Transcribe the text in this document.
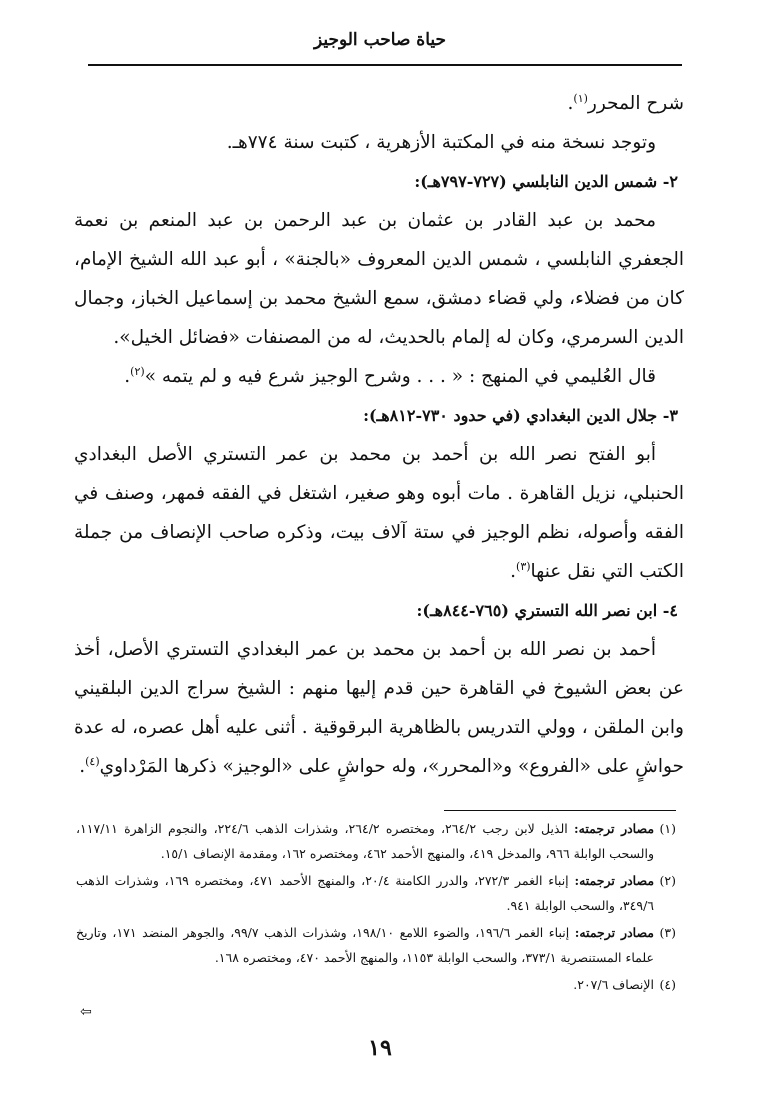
حياة صاحب الوجيز

شرح المحرر$^{(١)}$.

وتوجد نسخة منه في المكتبة الأزهرية ، كتبت سنة ٧٧٤هـ.

٢- شمس الدين النابلسي (٧٢٧-٧٩٧هـ):

محمد بن عبد القادر بن عثمان بن عبد الرحمن بن عبد المنعم بن نعمة الجعفري النابلسي ، شمس الدين المعروف «بالجنة» ، أبو عبد الله الشيخ الإمام، كان من فضلاء، ولي قضاء دمشق، سمع الشيخ محمد بن إسماعيل الخباز، وجمال الدين السرمري، وكان له إلمام بالحديث، له من المصنفات «فضائل الخيل».

قال العُليمي في المنهج : « . . . وشرح الوجيز شرع فيه و لم يتمه »$^{(٢)}$.

٣- جلال الدين البغدادي (في حدود ٧٣٠-٨١٢هـ):

أبو الفتح نصر الله بن أحمد بن محمد بن عمر التستري الأصل البغدادي الحنبلي، نزيل القاهرة . مات أبوه وهو صغير، اشتغل في الفقه فمهر، وصنف في الفقه وأصوله، نظم الوجيز في ستة آلاف بيت، وذكره صاحب الإنصاف من جملة الكتب التي نقل عنها$^{(٣)}$.

٤- ابن نصر الله التستري (٧٦٥-٨٤٤هـ):

أحمد بن نصر الله بن أحمد بن محمد بن عمر البغدادي التستري الأصل، أخذ عن بعض الشيوخ في القاهرة حين قدم إليها منهم : الشيخ سراج الدين البلقيني وابن الملقن ، وولي التدريس بالظاهرية البرقوقية . أثنى عليه أهل عصره، له عدة حواشٍ على «الفروع» و«المحرر»، وله حواشٍ على «الوجيز» ذكرها المَرْداوي$^{(٤)}$.

(١)
مصادر ترجمته: الذيل لابن رجب ٢٦٤/٢، ومختصره ٢٦٤/٢، وشذرات الذهب ٢٢٤/٦، والنجوم الزاهرة ١١٧/١١، والسحب الوابلة ٩٦٦، والمدخل ٤١٩، والمنهج الأحمد ٤٦٢، ومختصره ١٦٢، ومقدمة الإنصاف ١٥/١.

(٢)
مصادر ترجمته: إنباء الغمر ٢٧٢/٣، والدرر الكامنة ٢٠/٤، والمنهج الأحمد ٤٧١، ومختصره ١٦٩، وشذرات الذهب ٣٤٩/٦، والسحب الوابلة ٩٤١.

(٣)
مصادر ترجمته: إنباء الغمر ١٩٦/٦، والضوء اللامع ١٩٨/١٠، وشذرات الذهب ٩٩/٧، والجوهر المنضد ١٧١، وتاريخ علماء المستنصرية ٣٧٣/١، والسحب الوابلة ١١٥٣، والمنهج الأحمد ٤٧٠، ومختصره ١٦٨.

(٤)
الإنصاف ٢٠٧/٦.

⇦
١٩
